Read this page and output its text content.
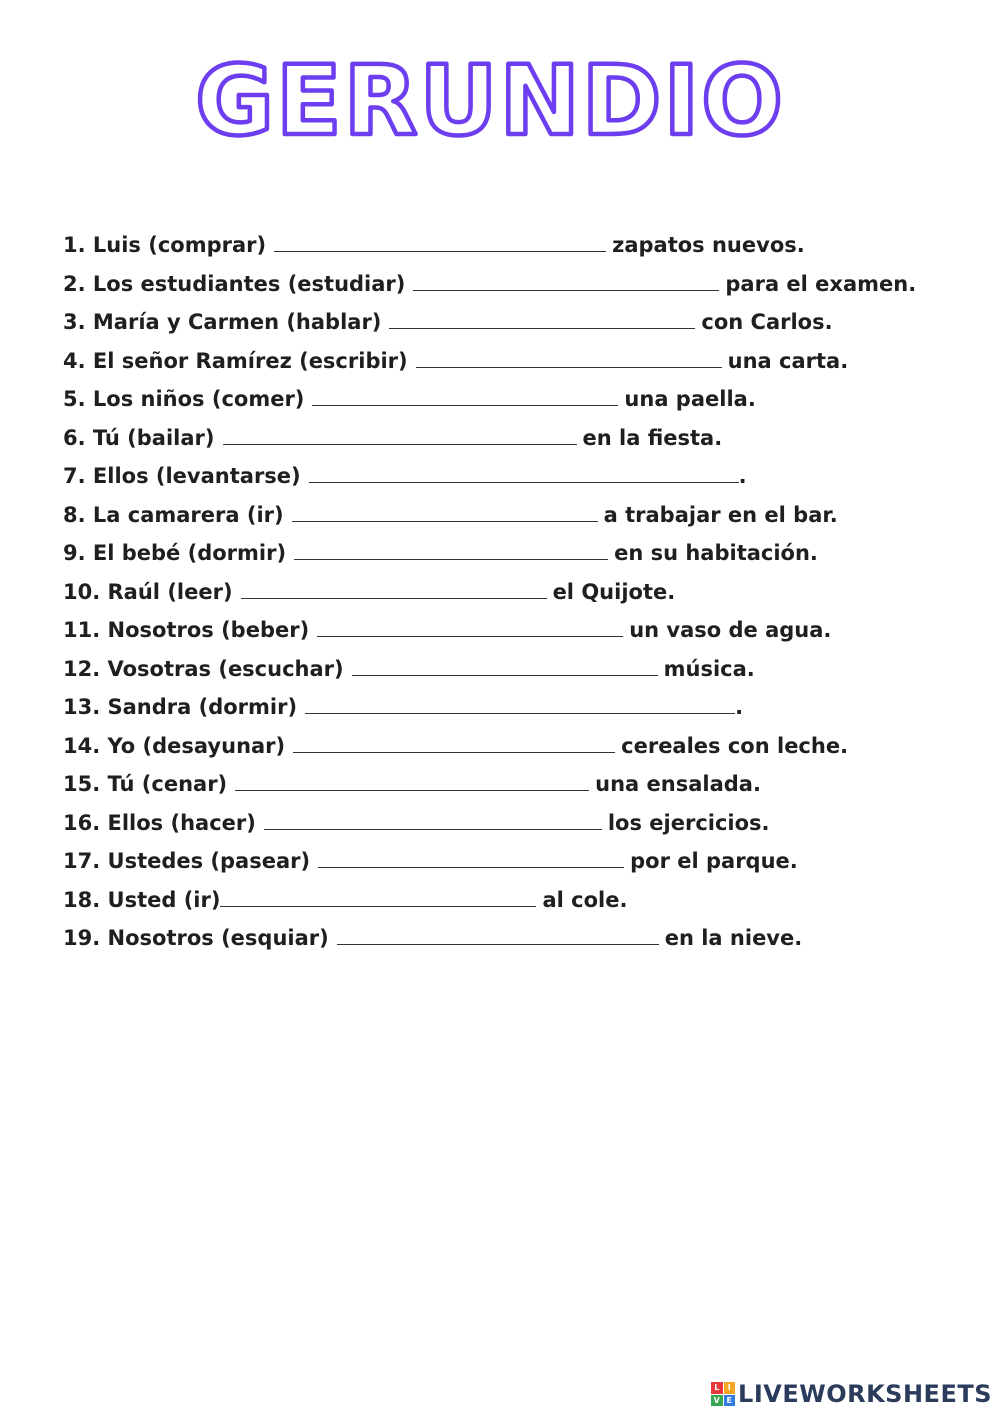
GERUNDIO
1. Luis (comprar)	zapatos nuevos.
2. Los estudiantes (estudiar)	para el examen.
3. María y Carmen (hablar)	con Carlos.
4. El señor Ramírez (escribir)	una carta.
5. Los niños (comer)	una paella.
6. Tú (bailar)	en la fiesta.
7. Ellos (levantarse)	.
8. La camarera (ir)	a trabajar en el bar.
9. El bebé (dormir)	en su habitación.
10. Raúl (leer)	el Quijote.
11. Nosotros (beber)	un vaso de agua.
12. Vosotras (escuchar)	música.
13. Sandra (dormir)	.
14. Yo (desayunar)	cereales con leche.
15. Tú (cenar)	una ensalada.
16. Ellos (hacer)	los ejercicios.
17. Ustedes (pasear)	por el parque.
18. Usted (ir)	al cole.
19. Nosotros (esquiar)	en la nieve.
L	I
V E LIVEWORKSHEETS
